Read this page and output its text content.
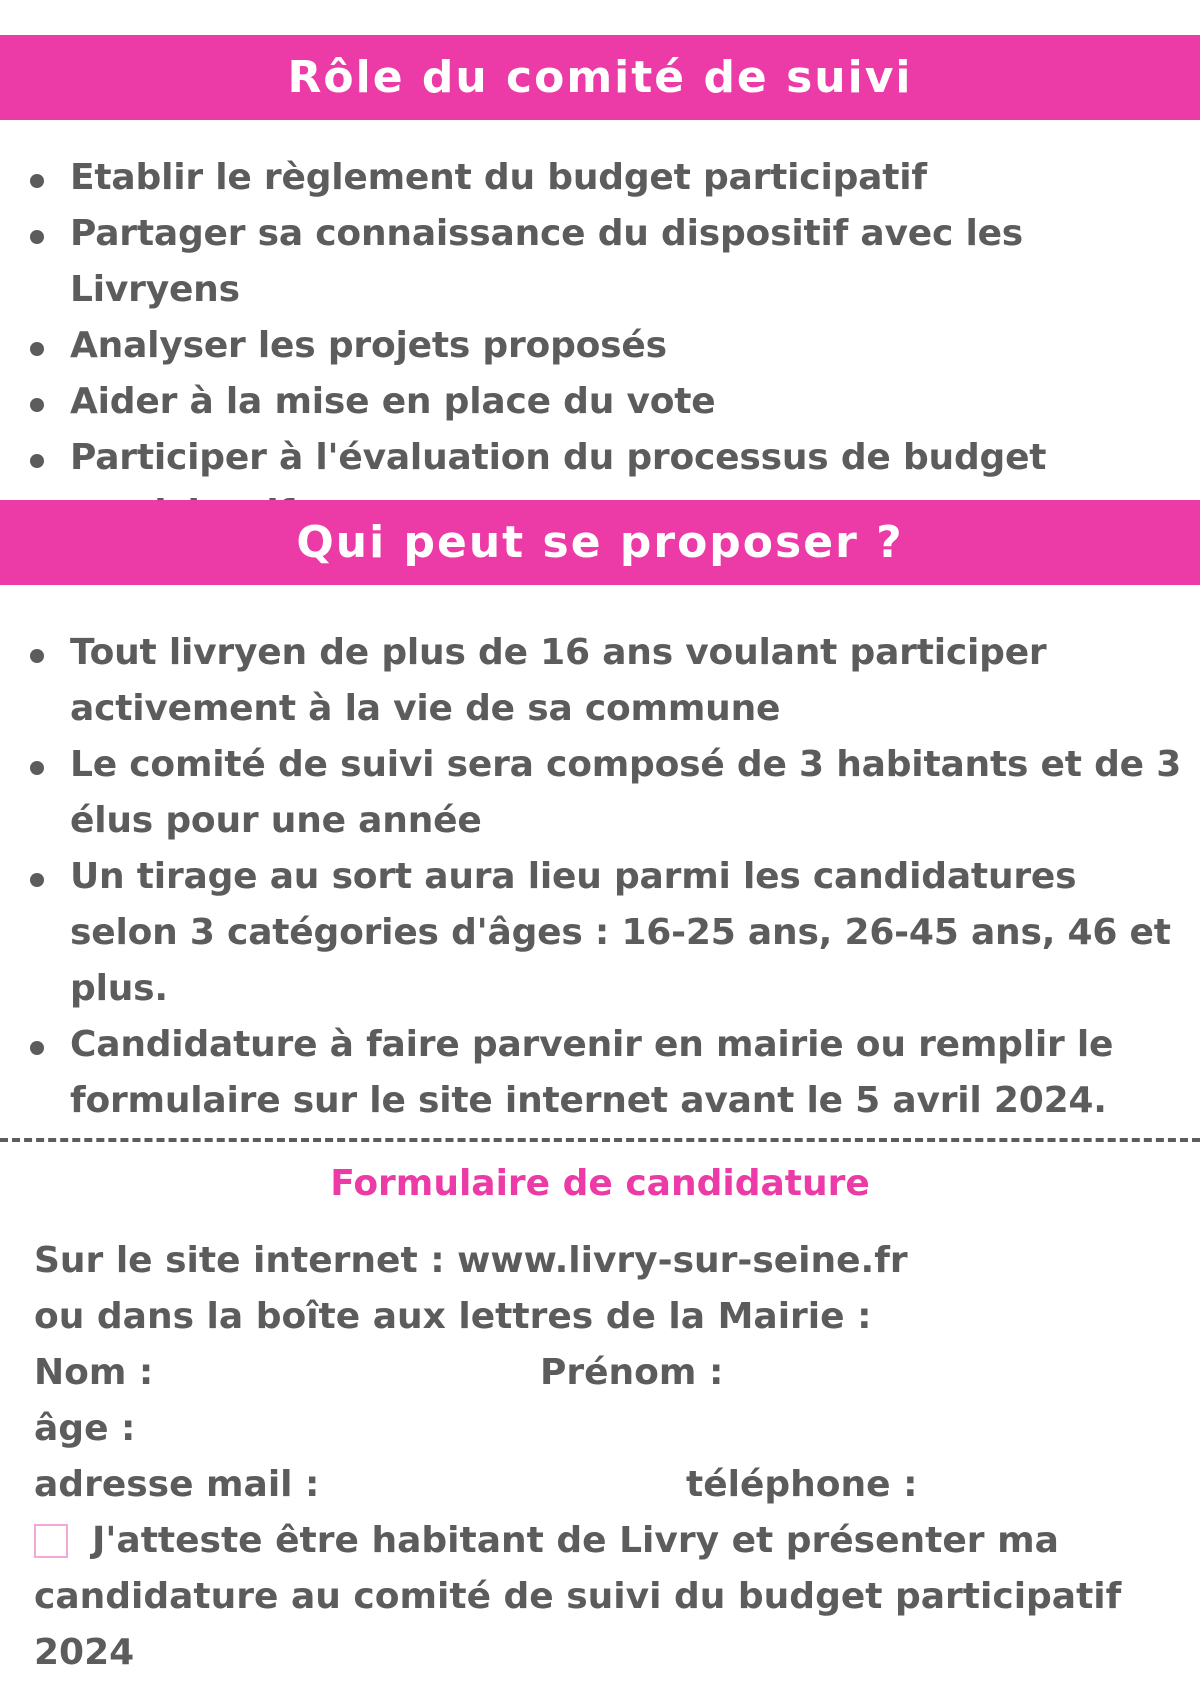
Rôle du comité de suivi
Etablir le règlement du budget participatif
Partager sa connaissance du dispositif avec les Livryens
Analyser les projets proposés
Aider à la mise en place du vote
Participer à l'évaluation du processus de budget
Qui peut se proposer ?
Tout livryen de plus de 16 ans voulant participer activement à la vie de sa commune
Le comité de suivi sera composé de 3 habitants et de 3 élus pour une année
Un tirage au sort aura lieu parmi les candidatures selon 3 catégories d'âges : 16-25 ans, 26-45 ans, 46 et plus.
Candidature à faire parvenir en mairie ou remplir le formulaire sur le site internet avant le 5 avril 2024.
Formulaire de candidature
Sur le site internet : www.livry-sur-seine.fr
ou dans la boîte aux lettres de la Mairie :
Nom :	Prénom :
âge :
adresse mail :	téléphone :
J'atteste être habitant de Livry et présenter ma candidature au comité de suivi du budget participatif 2024
